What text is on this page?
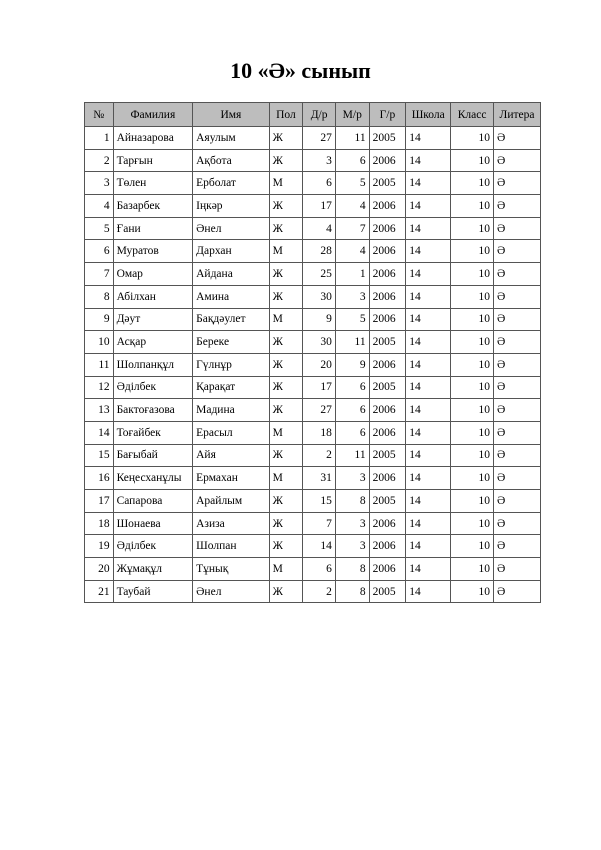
10 «Ә» сынып
№	Фамилия	Имя	Пол	Д/р	М/р	Г/р	Школа	Класс	Литера
1	Айназарова	Аяулым	Ж	27	11	2005	14	10	Ә
2	Тарғын	Ақбота	Ж	3	6	2006	14	10	Ә
3	Төлен	Ерболат	М	6	5	2005	14	10	Ә
4	Базарбек	Іңкәр	Ж	17	4	2006	14	10	Ә
5	Ғани	Әнел	Ж	4	7	2006	14	10	Ә
6	Муратов	Дархан	М	28	4	2006	14	10	Ә
7	Омар	Айдана	Ж	25	1	2006	14	10	Ә
8	Абілхан	Амина	Ж	30	3	2006	14	10	Ә
9	Дәут	Бақдәулет	М	9	5	2006	14	10	Ә
10	Асқар	Береке	Ж	30	11	2005	14	10	Ә
11	Шолпанқұл	Гүлнұр	Ж	20	9	2006	14	10	Ә
12	Әділбек	Қарақат	Ж	17	6	2005	14	10	Ә
13	Бактоғазова	Мадина	Ж	27	6	2006	14	10	Ә
14	Тоғайбек	Ерасыл	М	18	6	2006	14	10	Ә
15	Бағыбай	Айя	Ж	2	11	2005	14	10	Ә
16	Кеңесханұлы	Ермахан	М	31	3	2006	14	10	Ә
17	Сапарова	Арайлым	Ж	15	8	2005	14	10	Ә
18	Шонаева	Азиза	Ж	7	3	2006	14	10	Ә
19	Әділбек	Шолпан	Ж	14	3	2006	14	10	Ә
20	Жұмақұл	Тұнық	М	6	8	2006	14	10	Ә
21	Таубай	Әнел	Ж	2	8	2005	14	10	Ә
